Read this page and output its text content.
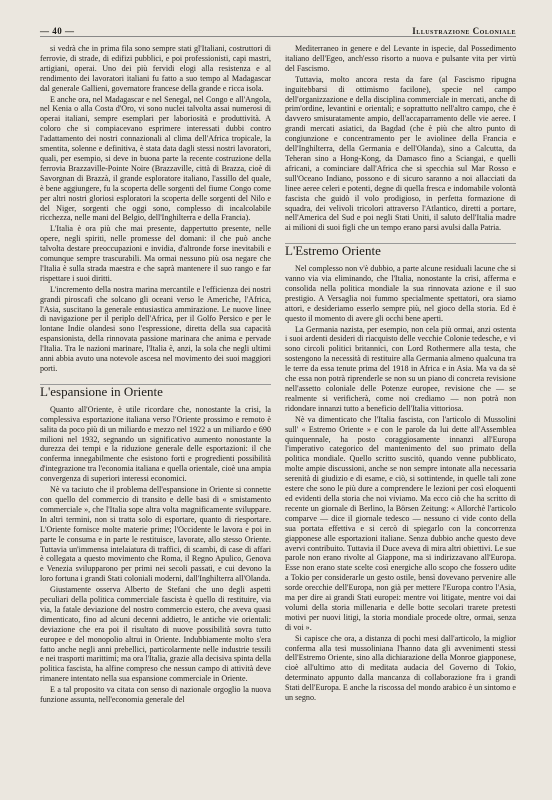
— 40 —	Illustrazione Coloniale

si vedrà che in prima fila sono sempre stati gl'Italiani, costruttori di ferrovie, di strade, di edifizi pubblici, e poi professionisti, capi mastri, artigiani, operai. Uno dei più fervidi elogi alla resistenza e al rendimento dei lavoratori italiani fu fatto a suo tempo al Madagascar dal generale Gallieni, governatore francese della grande e ricca isola.

E anche ora, nel Madagascar e nel Senegal, nel Congo e all'Angola, nel Kenia o alla Costa d'Oro, vi sono nuclei talvolta assai numerosi di operai italiani, sempre esemplari per laboriosità e produttività. A coloro che si compiacevano esprimere interessati dubbi contro l'adattamento dei nostri connazionali al clima dell'Africa tropicale, la smentita, solenne e definitiva, è stata data dagli stessi nostri lavoratori, quali, per esempio, si deve in buona parte la recente costruzione della ferrovia Brazzaville-Pointe Noire (Brazzaville, città di Brazza, cioè di Savorgnan di Brazzà, il grande esploratore italiano, l'assillo del quale, è bene aggiungere, fu la scoperta delle sorgenti del fiume Congo come per altri nostri gloriosi esploratori la scoperta delle sorgenti del Nilo e del Niger, sorgenti che oggi sono, complesso di incalcolabile ricchezza, nelle mani del Belgio, dell'Inghilterra e della Francia).

L'Italia è ora più che mai presente, dappertutto presente, nelle opere, negli spiriti, nelle promesse del domani: il che può anche talvolta destare preoccupazioni e invidia, d'altronde forse inevitabili e comunque sempre trascurabili. Ma ormai nessuno più osa negare che l'Italia è sulla strada maestra e che saprà mantenere il suo rango e far rispettare i suoi diritti.

L'incremento della nostra marina mercantile e l'efficienza dei nostri grandi piroscafi che solcano gli oceani verso le Americhe, l'Africa, l'Asia, suscitano la generale entusiastica ammirazione. Le nuove linee di navigazione per il periplo dell'Africa, per il Golfo Persico e per le lontane Indie olandesi sono l'espressione, diretta della sua capacità espansionista, della rinnovata passione marinara che anima e pervade l'Italia. Tra le nazioni marinare, l'Italia è, anzi, la sola che negli ultimi anni abbia avuto una notevole ascesa nel movimento dei suoi maggiori porti.

L'espansione in Oriente

Quanto all'Oriente, è utile ricordare che, nonostante la crisi, la complessiva esportazione italiana verso l'Oriente prossimo e remoto è salita da poco più di un miliardo e mezzo nel 1922 a un miliardo e 690 milioni nel 1932, segnando un significativo aumento nonostante la durezza dei tempi e la riduzione generale delle esportazioni: il che conferma innegabilmente che esistono forti e progredienti possibilità d'integrazione tra l'economia italiana e quella orientale, cioè una ampia convergenza di superiori interessi economici.

Nè va taciuto che il problema dell'espansione in Oriente si connette con quello del commercio di transito e delle basi di « smistamento commerciale », che l'Italia sope altra volta magnificamente sviluppare. In altri termini, non si tratta solo di esportare, quanto di riesportare. L'Oriente fornisce molte materie prime; l'Occidente le lavora e poi in parte le consuma e in parte le restituisce, lavorate, allo stesso Oriente. Tuttavia un'immensa intelaiatura di traffici, di scambi, di case di affari è collegata a questo movimento che Roma, il Regno Apulico, Genova e Venezia svilupparono per primi nei secoli passati, e cui devono la loro fortuna i grandi Stati coloniali moderni, dall'Inghilterra all'Olanda.

Giustamente osserva Alberto de Stefani che uno degli aspetti peculiari della politica commerciale fascista è quello di restituire, via via, la fatale deviazione del nostro commercio estero, che aveva quasi dimenticato, fino ad alcuni decenni addietro, le antiche vie orientali: deviazione che era poi il risultato di nuove possibilità sovra tutto europee e del monopolio altrui in Oriente. Indubbiamente molto s'era fatto anche negli anni prebellici, particolarmente nelle industrie tessili e nei trasporti marittimi; ma ora l'Italia, grazie alla decisiva spinta della politica fascista, ha alfine compreso che nessun campo di attività deve rimanere intentato nella sua espansione commerciale in Oriente.

E a tal proposito va citata con senso di nazionale orgoglio la nuova funzione assunta, nell'economia generale del

Mediterraneo in genere e del Levante in ispecie, dal Possedimento italiano dell'Egeo, anch'esso risorto a nuova e pulsante vita per virtù del Fascismo.

Tuttavia, molto ancora resta da fare (al Fascismo ripugna inguitebbarsi di ottimismo facilone), specie nel campo dell'organizzazione e della disciplina commerciale in mercati, anche di prim'ordine, levantini e orientali; e soprattutto nell'altro campo, che è davvero smisuratamente ampio, dell'accaparramento delle vie aeree. I grandi mercati asiatici, da Bagdad (che è più che altro punto di congiunzione e concentramento per le aviolinee della Francia e dell'Inghilterra, della Germania e dell'Olanda), sino a Calcutta, da Teheran sino a Hong-Kong, da Damasco fino a Sciangai, e quelli africani, a cominciare dall'Africa che si specchia sul Mar Rosso e sull'Oceano Indiano, possono e di sicuro saranno a noi allacciati da linee aeree celeri e potenti, degne di quella fresca e indomabile volontà fascista che guidò il volo prodigioso, in perfetta formazione di squadra, dei velivoli tricolori attraverso l'Atlantico, diretti a portare, nell'America del Sud e poi negli Stati Uniti, il saluto dell'Italia madre ai milioni di suoi figli che un tempo erano parsi avulsi dalla Patria.

L'Estremo Oriente

Nel complesso non v'è dubbio, a parte alcune residuali lacune che si vanno via via eliminando, che l'Italia, nonostante la crisi, afferma e consolida nella politica mondiale la sua rinnovata azione e il suo prestigio. A Versaglia noi fummo specialmente spettatori, ora siamo attori, e desideriamo esserlo sempre più, nel gioco della storia. Ed è questo il momento di avere gli occhi bene aperti.

La Germania nazista, per esempio, non cela più ormai, anzi ostenta i suoi ardenti desideri di riacquisto delle vecchie Colonie tedesche, e vi sono circoli politici britannici, con Lord Rothermere alla testa, che sostengono la necessità di restituire alla Germania almeno qualcuna tra le terre da essa tenute prima del 1918 in Africa e in Asia. Ma va da sè che essa non potrà riprenderle se non su un piano di concreta revisione nell'assetto coloniale delle Potenze europee, revisione che — se realmente si verificherà, come noi crediamo — non potrà non ridondare innanzi tutto a beneficio dell'Italia vittoriosa.

Nè va dimenticato che l'Italia fascista, con l'articolo di Mussolini sull' « Estremo Oriente » e con le parole da lui dette all'Assemblea quinquennale, ha posto coraggiosamente innanzi all'Europa l'imperativo categorico del mantenimento del suo primato della politica mondiale. Quello scritto suscitò, quando venne pubblicato, molte ampie discussioni, anche se non sempre intonate alla necessaria serenità di giudizio e di esame, e ciò, si sottintende, in quelle tali zone estere che sono le più dure a comprendere le lezioni per così eloquenti ed evidenti della storia che noi viviamo. Ma ecco ciò che ha scritto di recente un giornale di Berlino, la Börsen Zeitung: « Allorchè l'articolo comparve — dice il giornale tedesco — nessuno ci vide conto della sua portata effettiva e si cercò di spiegarlo con la concorrenza giapponese alle esportazioni italiane. Senza dubbio anche questo deve avervi contribuito. Tuttavia il Duce aveva di mira altri obiettivi. Le sue parole non erano rivolte al Giappone, ma si indirizzavano all'Europa. Esse non erano state scelte così energiche allo scopo che fossero udite a Tokio per considerarle un gesto ostile, bensì dovevano pervenire alle sorde orecchie dell'Europa, non già per mettere l'Europa contro l'Asia, ma per dire ai grandi Stati europei: mentre voi litigate, mentre voi dai volumi della storia millenaria e delle botte secolari trarete pretesti motivi per nuovi litigi, la storia mondiale procede oltre, ormai, senza di voi ».

Si capisce che ora, a distanza di pochi mesi dall'articolo, la miglior conferma alla tesi mussoliniana l'hanno data gli avvenimenti stessi dell'Estremo Oriente, sino alla dichiarazione della Monroe giapponese, cioè all'ultimo atto di meditata audacia del Governo di Tokio, determinato appunto dalla mancanza di collaborazione fra i grandi Stati dell'Europa. E anche la riscossa del mondo arabico è un sintomo e un segno.
